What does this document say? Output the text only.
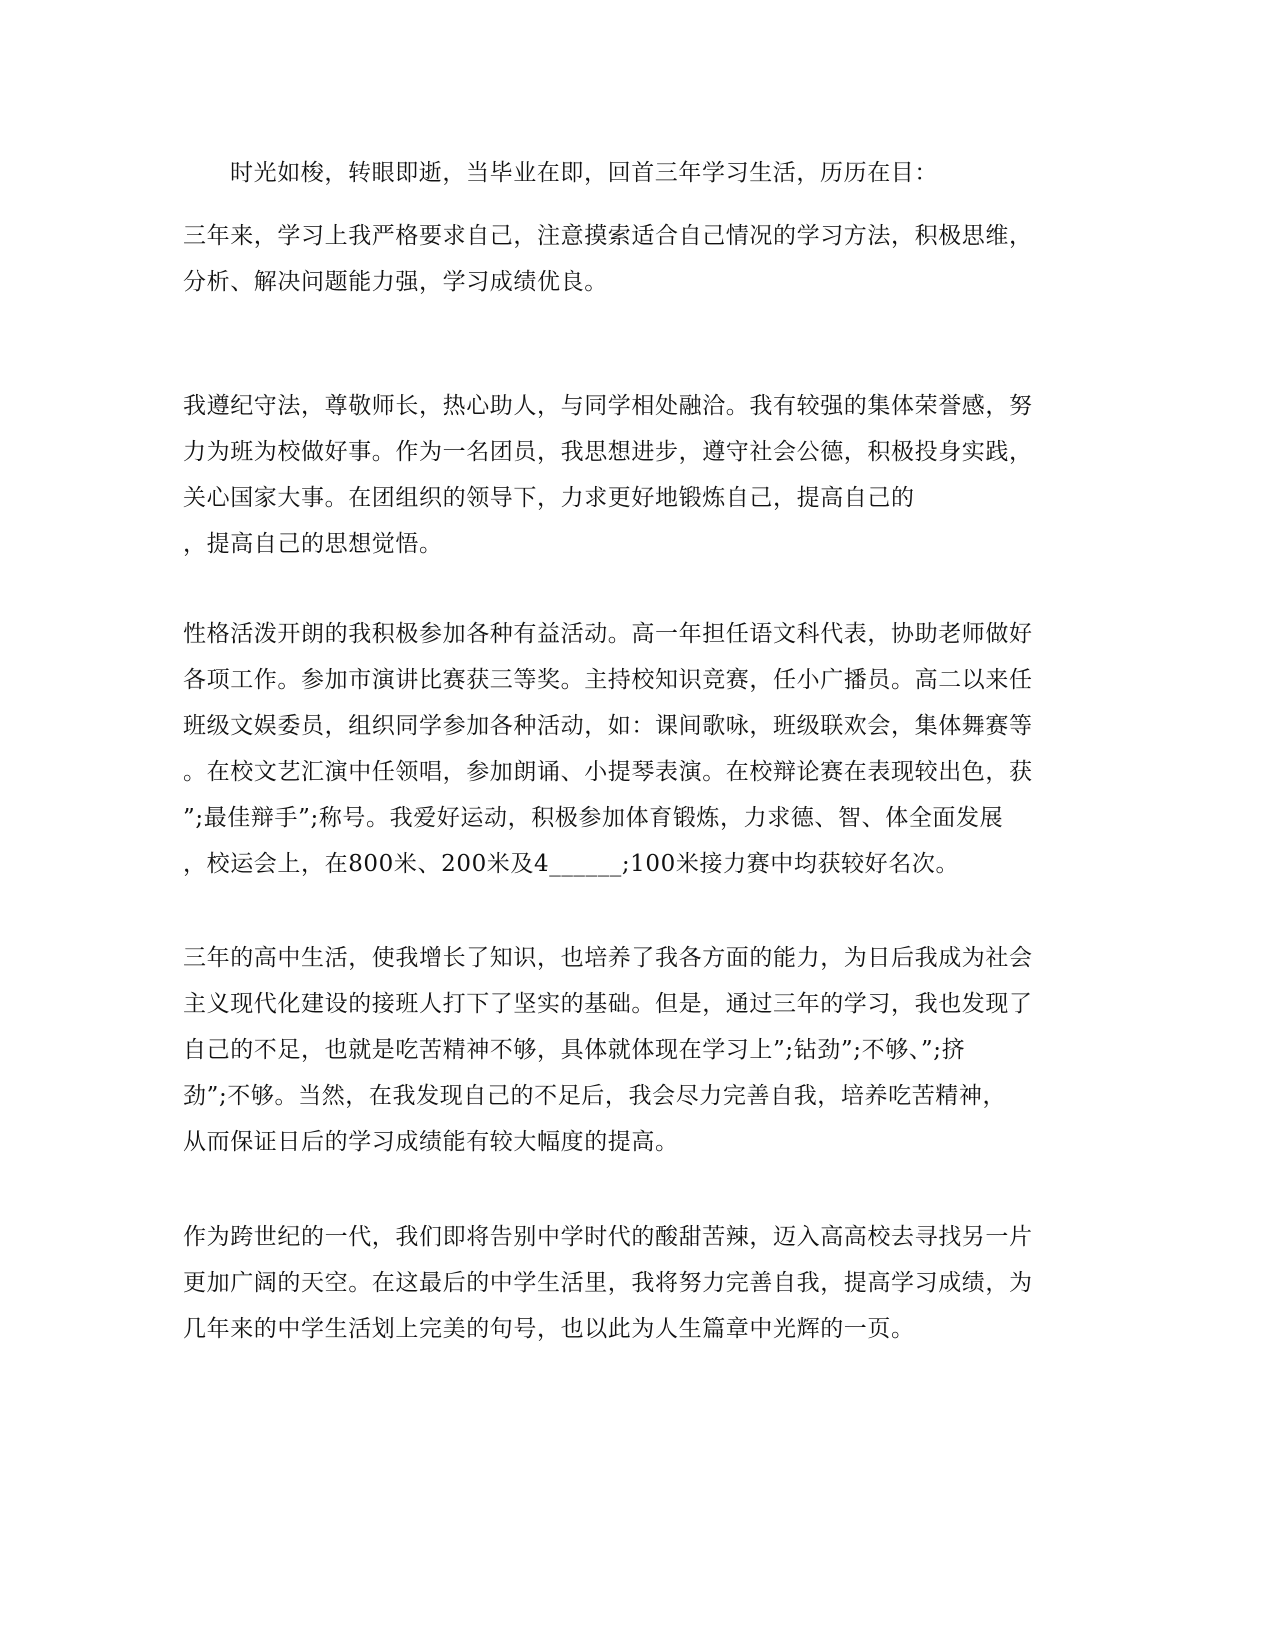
时光如梭，转眼即逝，当毕业在即，回首三年学习生活，历历在目：
三年来，学习上我严格要求自己，注意摸索适合自己情况的学习方法，积极思维，
分析、解决问题能力强，学习成绩优良。
我遵纪守法，尊敬师长，热心助人，与同学相处融洽。我有较强的集体荣誉感，努
力为班为校做好事。作为一名团员，我思想进步，遵守社会公德，积极投身实践，
关心国家大事。在团组织的领导下，力求更好地锻炼自己，提高自己的
，提高自己的思想觉悟。
性格活泼开朗的我积极参加各种有益活动。高一年担任语文科代表，协助老师做好
各项工作。参加市演讲比赛获三等奖。主持校知识竞赛，任小广播员。高二以来任
班级文娱委员，组织同学参加各种活动，如：课间歌咏，班级联欢会，集体舞赛等
。在校文艺汇演中任领唱，参加朗诵、小提琴表演。在校辩论赛在表现较出色，获
”;最佳辩手”;称号。我爱好运动，积极参加体育锻炼，力求德、智、体全面发展
，校运会上，在800米、200米及4______;100米接力赛中均获较好名次。
三年的高中生活，使我增长了知识，也培养了我各方面的能力，为日后我成为社会
主义现代化建设的接班人打下了坚实的基础。但是，通过三年的学习，我也发现了
自己的不足，也就是吃苦精神不够，具体就体现在学习上”;钻劲”;不够、”;挤
劲”;不够。当然，在我发现自己的不足后，我会尽力完善自我，培养吃苦精神，
从而保证日后的学习成绩能有较大幅度的提高。
作为跨世纪的一代，我们即将告别中学时代的酸甜苦辣，迈入高高校去寻找另一片
更加广阔的天空。在这最后的中学生活里，我将努力完善自我，提高学习成绩，为
几年来的中学生活划上完美的句号，也以此为人生篇章中光辉的一页。
